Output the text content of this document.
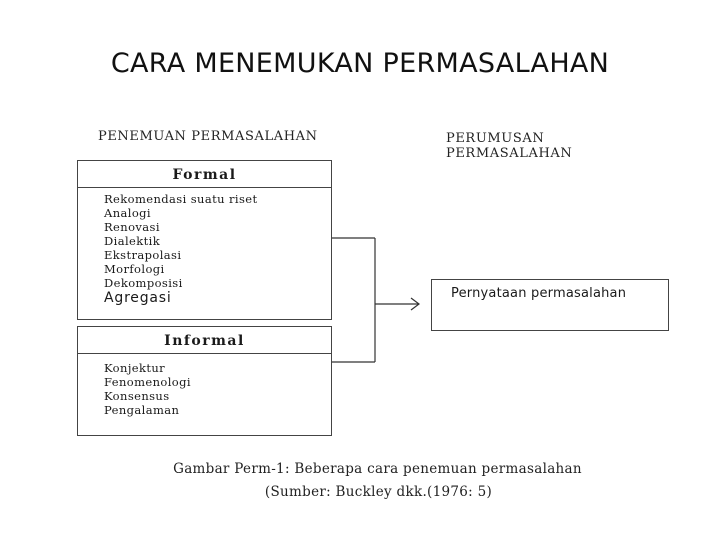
CARA MENEMUKAN PERMASALAHAN
PENEMUAN PERMASALAHAN	PERUMUSAN
PERMASALAHAN
Formal
Rekomendasi suatu riset
Analogi
Renovasi
Dialektik
Ekstrapolasi
Morfologi
Dekomposisi
Agregasi
Informal
Konjektur
Fenomenologi
Konsensus
Pengalaman
Pernyataan permasalahan
Gambar Perm-1: Beberapa cara penemuan permasalahan
(Sumber: Buckley dkk.(1976: 5)
